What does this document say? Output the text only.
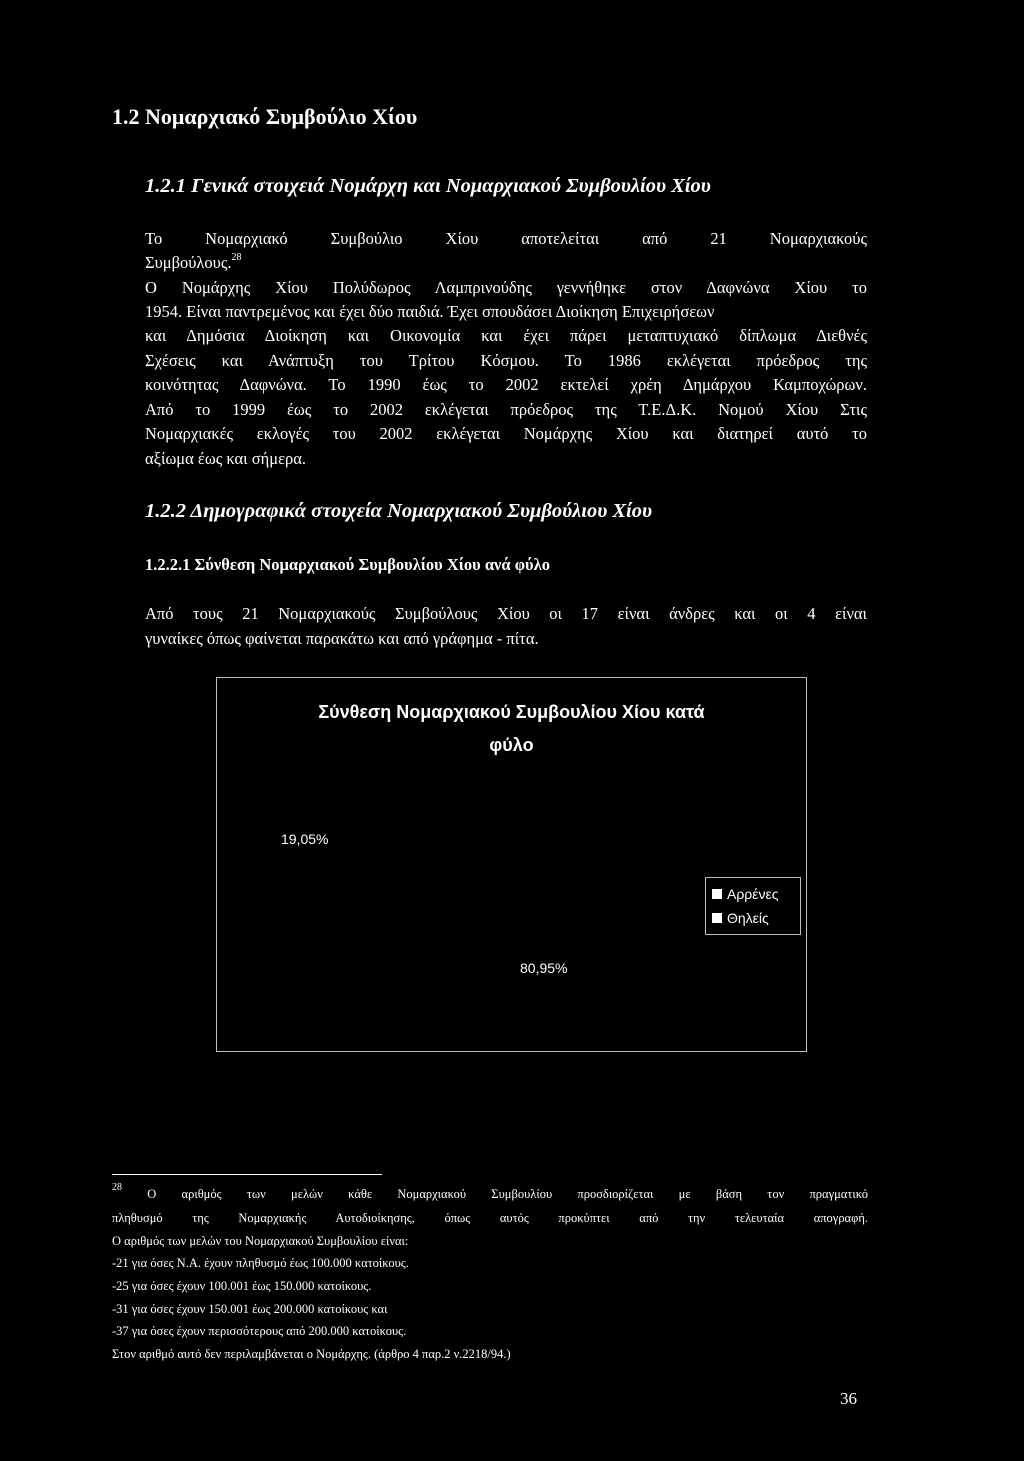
1.2 Νομαρχιακό Συμβούλιο Χίου
1.2.1 Γενικά στοιχειά Νομάρχη και Νομαρχιακού Συμβουλίου Χίου
Το Νομαρχιακό Συμβούλιο Χίου αποτελείται από 21 Νομαρχιακούς
Συμβούλους.$^{28}$
Ο Νομάρχης Χίου Πολύδωρος Λαμπρινούδης γεννήθηκε στον Δαφνώνα Χίου το
1954. Είναι παντρεμένος και έχει δύο παιδιά. Έχει σπουδάσει Διοίκηση Επιχειρήσεων
και Δημόσια Διοίκηση και Οικονομία και έχει πάρει μεταπτυχιακό δίπλωμα Διεθνές
Σχέσεις και Ανάπτυξη του Τρίτου Κόσμου. Το 1986 εκλέγεται πρόεδρος της
κοινότητας Δαφνώνα. Το 1990 έως το 2002 εκτελεί χρέη Δημάρχου Καμποχώρων.
Από το 1999 έως το 2002 εκλέγεται πρόεδρος της Τ.Ε.Δ.Κ. Νομού Χίου Στις
Νομαρχιακές εκλογές του 2002 εκλέγεται Νομάρχης Χίου και διατηρεί αυτό το
αξίωμα έως και σήμερα.
1.2.2 Δημογραφικά στοιχεία Νομαρχιακού Συμβούλιου Χίου
1.2.2.1 Σύνθεση Νομαρχιακού Συμβουλίου Χίου ανά φύλο
Από τους 21 Νομαρχιακούς Συμβούλους Χίου οι 17 είναι άνδρες και οι 4 είναι
γυναίκες όπως φαίνεται παρακάτω και από γράφημα - πίτα.
Σύνθεση Νομαρχιακού Συμβουλίου Χίου κατά
φύλο
19,05%
80,95%
Αρρένες
Θηλείς
$^{28}$ Ο αριθμός των μελών κάθε Νομαρχιακού Συμβουλίου προσδιορίζεται με βάση τον πραγματικό
πληθυσμό της Νομαρχιακής Αυτοδιοίκησης, όπως αυτός προκύπτει από την τελευταία απογραφή.
Ο αριθμός των μελών του Νομαρχιακού Συμβουλίου είναι:
-21 για όσες Ν.Α. έχουν πληθυσμό έως 100.000 κατοίκους.
-25 για όσες έχουν 100.001 έως 150.000 κατοίκους.
-31 για όσες έχουν 150.001 έως 200.000 κατοίκους και
-37 για όσες έχουν περισσότερους από 200.000 κατοίκους.
Στον αριθμό αυτό δεν περιλαμβάνεται ο Νομάρχης. (άρθρο 4 παρ.2 ν.2218/94.)
36
